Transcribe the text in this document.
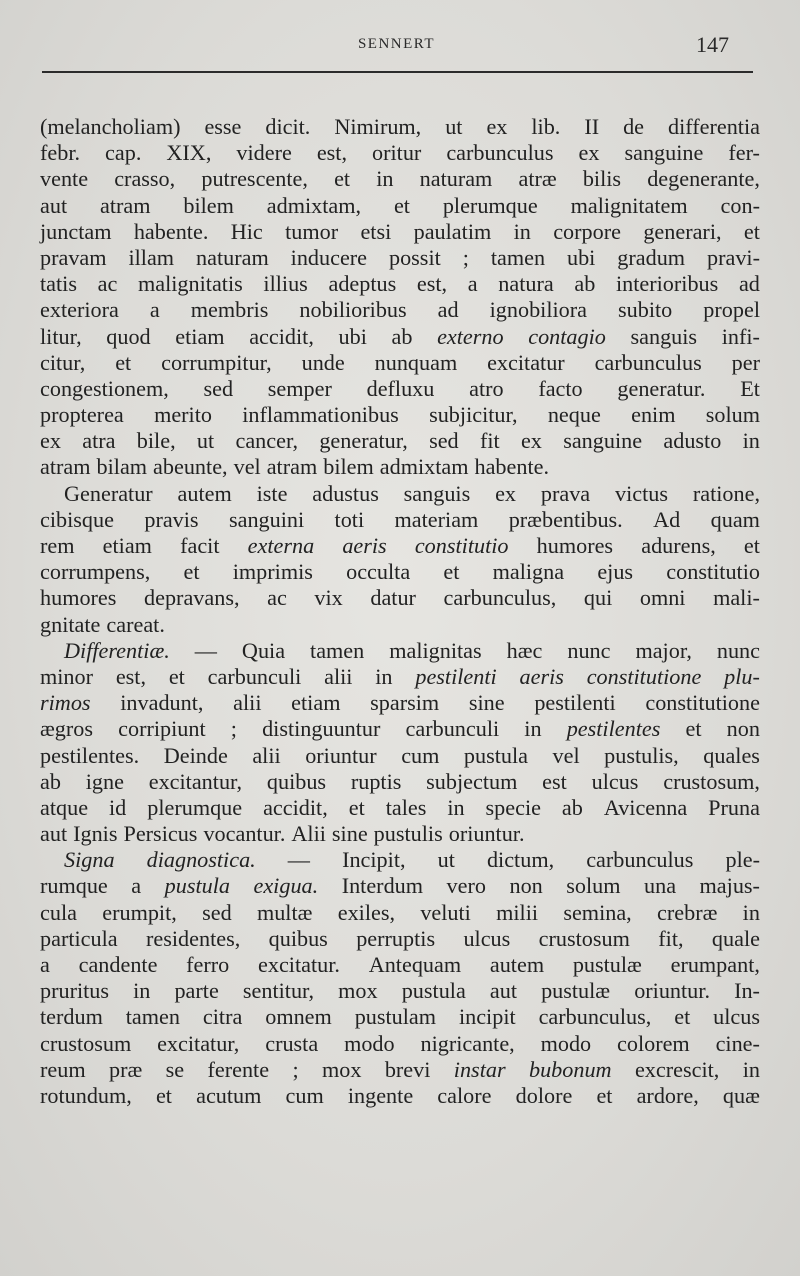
SENNERT	147
(melancholiam) esse dicit. Nimirum, ut ex lib. II de differentia
febr. cap. XIX, videre est, oritur carbunculus ex sanguine fer-
vente crasso, putrescente, et in naturam atræ bilis degenerante,
aut atram bilem admixtam, et plerumque malignitatem con-
junctam habente. Hic tumor etsi paulatim in corpore generari, et
pravam illam naturam inducere possit ; tamen ubi gradum pravi-
tatis ac malignitatis illius adeptus est, a natura ab interioribus ad
exteriora a membris nobilioribus ad ignobiliora subito propel
litur, quod etiam accidit, ubi ab externo contagio sanguis infi-
citur, et corrumpitur, unde nunquam excitatur carbunculus per
congestionem, sed semper defluxu atro facto generatur. Et
propterea merito inflammationibus subjicitur, neque enim solum
ex atra bile, ut cancer, generatur, sed fit ex sanguine adusto in
atram bilam abeunte, vel atram bilem admixtam habente.
Generatur autem iste adustus sanguis ex prava victus ratione,
cibisque pravis sanguini toti materiam præbentibus. Ad quam
rem etiam facit externa aeris constitutio humores adurens, et
corrumpens, et imprimis occulta et maligna ejus constitutio
humores depravans, ac vix datur carbunculus, qui omni mali-
gnitate careat.
Differentiæ. — Quia tamen malignitas hæc nunc major, nunc
minor est, et carbunculi alii in pestilenti aeris constitutione plu-
rimos invadunt, alii etiam sparsim sine pestilenti constitutione
ægros corripiunt ; distinguuntur carbunculi in pestilentes et non
pestilentes. Deinde alii oriuntur cum pustula vel pustulis, quales
ab igne excitantur, quibus ruptis subjectum est ulcus crustosum,
atque id plerumque accidit, et tales in specie ab Avicenna Pruna
aut Ignis Persicus vocantur. Alii sine pustulis oriuntur.
Signa diagnostica. — Incipit, ut dictum, carbunculus ple-
rumque a pustula exigua. Interdum vero non solum una majus-
cula erumpit, sed multæ exiles, veluti milii semina, crebræ in
particula residentes, quibus perruptis ulcus crustosum fit, quale
a candente ferro excitatur. Antequam autem pustulæ erumpant,
pruritus in parte sentitur, mox pustula aut pustulæ oriuntur. In-
terdum tamen citra omnem pustulam incipit carbunculus, et ulcus
crustosum excitatur, crusta modo nigricante, modo colorem cine-
reum præ se ferente ; mox brevi instar bubonum excrescit, in
rotundum, et acutum cum ingente calore dolore et ardore, quæ
